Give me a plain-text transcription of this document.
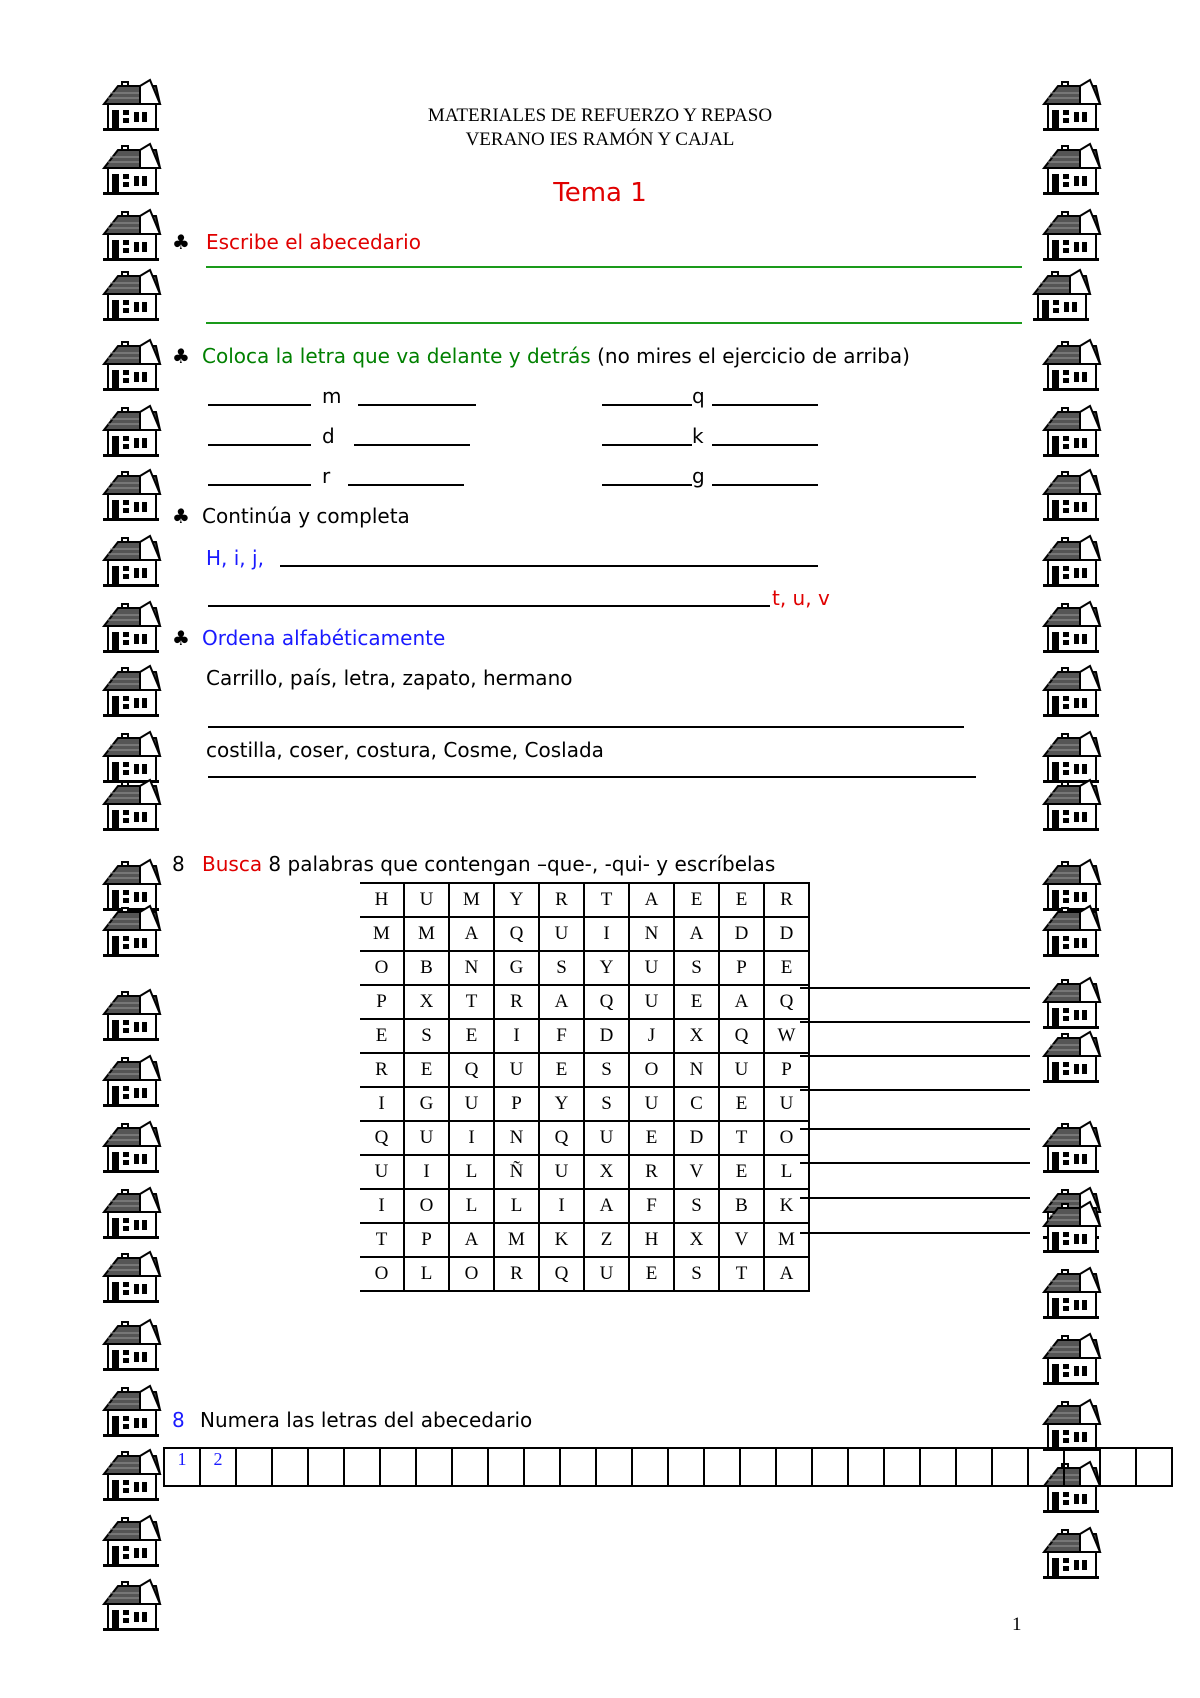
MATERIALES DE REFUERZO Y REPASO
VERANO IES RAMÓN Y CAJAL
Tema 1
♣ Escribe el abecedario
♣ Coloca la letra que va delante y detrás (no mires el ejercicio de arriba)
m	q
d	k
r	g
♣ Continúa y completa
H, i, j,
t, u, v
♣ Ordena alfabéticamente
Carrillo, país, letra, zapato, hermano
costilla, coser, costura, Cosme, Coslada
8 Busca 8 palabras que contengan –que-, -qui- y escríbelas
H	U	M	Y	R	T	A	E	E	R
M	M	A	Q	U	I	N	A	D	D
O	B	N	G	S	Y	U	S	P	E
P	X	T	R	A	Q	U	E	A	Q
E	S	E	I	F	D	J	X	Q	W
R	E	Q	U	E	S	O	N	U	P
I	G	U	P	Y	S	U	C	E	U
Q	U	I	N	Q	U	E	D	T	O
U	I	L	Ñ	U	X	R	V	E	L
I	O	L	L	I	A	F	S	B	K
T	P	A	M	K	Z	H	X	V	M
O	L	O	R	Q	U	E	S	T	A
8 Numera las letras del abecedario
1	2
1
